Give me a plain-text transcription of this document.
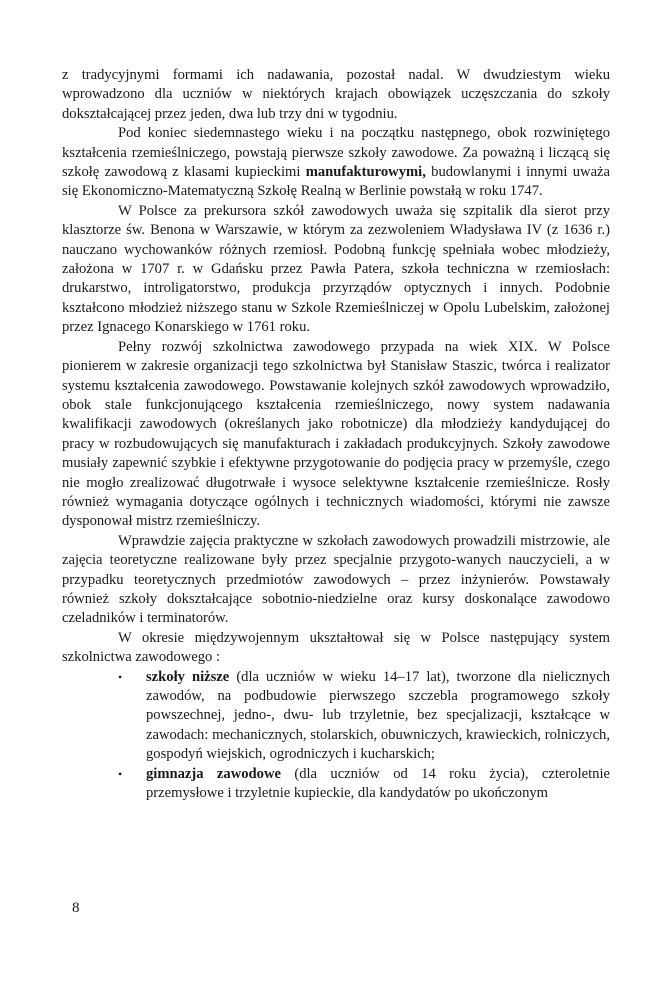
z tradycyjnymi formami ich nadawania, pozostał nadal. W dwudziestym wieku wprowadzono dla uczniów w niektórych krajach obowiązek uczęszczania do szkoły dokształcającej przez jeden, dwa lub trzy dni w tygodniu.

Pod koniec siedemnastego wieku i na początku następnego, obok rozwiniętego kształcenia rzemieślniczego, powstają pierwsze szkoły zawodowe. Za poważną i liczącą się szkołę zawodową z klasami kupieckimi manufakturowymi, budowlanymi i innymi uważa się Ekonomiczno-Matematyczną Szkołę Realną w Berlinie powstałą w roku 1747.

W Polsce za prekursora szkół zawodowych uważa się szpitalik dla sierot przy klasztorze św. Benona w Warszawie, w którym za zezwoleniem Władysława IV (z 1636 r.) nauczano wychowanków różnych rzemiosł. Podobną funkcję spełniała wobec młodzieży, założona w 1707 r. w Gdańsku przez Pawła Patera, szkoła techniczna w rzemiosłach: drukarstwo, introligatorstwo, produkcja przyrządów optycznych i innych. Podobnie kształcono młodzież niższego stanu w Szkole Rzemieślniczej w Opolu Lubelskim, założonej przez Ignacego Konarskiego w 1761 roku.

Pełny rozwój szkolnictwa zawodowego przypada na wiek XIX. W Polsce pionierem w zakresie organizacji tego szkolnictwa był Stanisław Staszic, twórca i realizator systemu kształcenia zawodowego. Powstawanie kolejnych szkół zawodowych wprowadziło, obok stale funkcjonującego kształcenia rzemieślniczego, nowy system nadawania kwalifikacji zawodowych (określanych jako robotnicze) dla młodzieży kandydującej do pracy w rozbudowujących się manufakturach i zakładach produkcyjnych. Szkoły zawodowe musiały zapewnić szybkie i efektywne przygotowanie do podjęcia pracy w przemyśle, czego nie mogło zrealizować długotrwałe i wysoce selektywne kształcenie rzemieślnicze. Rosły również wymagania dotyczące ogólnych i technicznych wiadomości, którymi nie zawsze dysponował mistrz rzemieślniczy.

Wprawdzie zajęcia praktyczne w szkołach zawodowych prowadzili mistrzowie, ale zajęcia teoretyczne realizowane były przez specjalnie przygoto-wanych nauczycieli, a w przypadku teoretycznych przedmiotów zawodowych – przez inżynierów. Powstawały również szkoły dokształcające sobotnio-niedzielne oraz kursy doskonalące zawodowo czeladników i terminatorów.

W okresie międzywojennym ukształtował się w Polsce następujący system szkolnictwa zawodowego :

• szkoły niższe (dla uczniów w wieku 14–17 lat), tworzone dla nielicznych zawodów, na podbudowie pierwszego szczebla programowego szkoły powszechnej, jedno-, dwu- lub trzyletnie, bez specjalizacji, kształcące w zawodach: mechanicznych, stolarskich, obuwniczych, krawieckich, rolniczych, gospodyń wiejskich, ogrodniczych i kucharskich;
• gimnazja zawodowe (dla uczniów od 14 roku życia), czteroletnie przemysłowe i trzyletnie kupieckie, dla kandydatów po ukończonym
8
